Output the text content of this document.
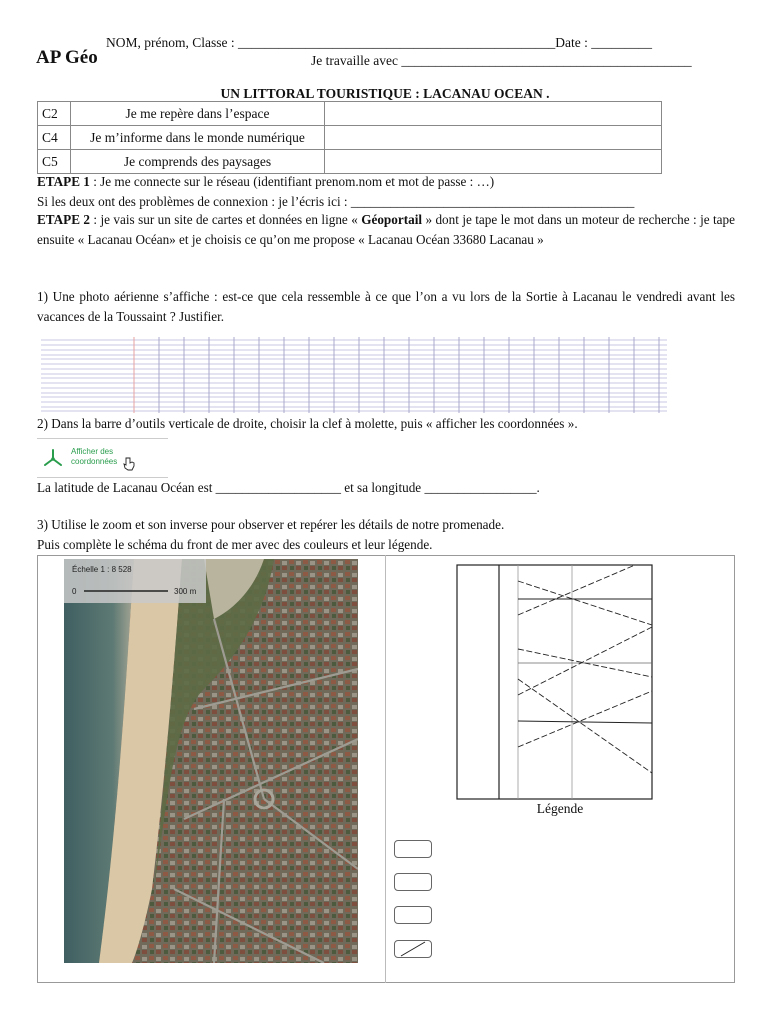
NOM, prénom, Classe : _______________________________________________Date : _________
AP Géo	Je travaille avec ___________________________________________
UN LITTORAL TOURISTIQUE : LACANAU OCEAN .
C2	Je me repère dans l’espace	
C4	Je m’informe dans le monde numérique	
C5	Je comprends des paysages	
ETAPE 1 : Je me connecte sur le réseau (identifiant prenom.nom et mot de passe : …)
Si les deux ont des problèmes de connexion : je l’écris ici : ___________________________________________
ETAPE 2 : je vais sur un site de cartes et données en ligne « Géoportail » dont je tape le mot dans un moteur de recherche : je tape ensuite « Lacanau Océan» et je choisis ce qu’on me propose « Lacanau Océan 33680 Lacanau »
1) Une photo aérienne s’affiche : est-ce que cela ressemble à ce que l’on a vu lors de la Sortie à Lacanau le vendredi avant les vacances de la Toussaint ? Justifier.
2) Dans la barre d’outils verticale de droite, choisir la clef à molette, puis « afficher les coordonnées ».
Afficher des
coordonnées
La latitude de Lacanau Océan est ___________________ et sa longitude _________________.
3) Utilise le zoom et son inverse pour observer et repérer les détails de notre promenade.
Puis complète le schéma du front de mer avec des couleurs et leur légende.
Échelle 1 : 8 528
0	300 m
Légende
